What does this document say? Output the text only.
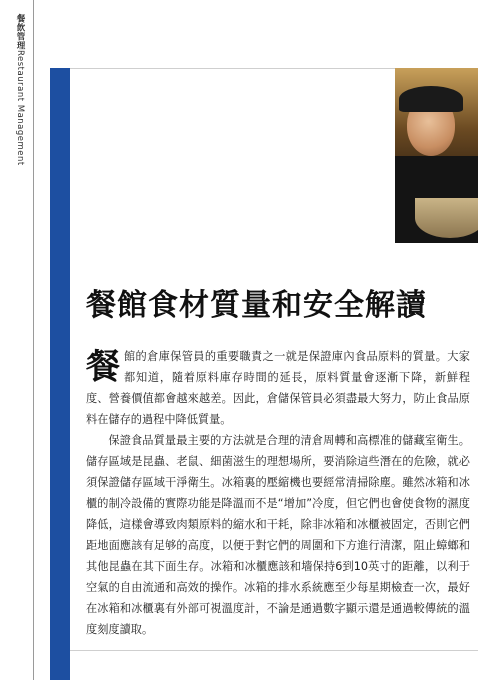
餐飲管理Restaurant Management
餐館食材質量和安全解讀

餐館的倉庫保管員的重要職責之一就是保證庫內食品原料的質量。大家都知道，隨着原料庫存時間的延長，原料質量會逐漸下降，新鮮程度、營養價值都會越來越差。因此，倉儲保管員必須盡最大努力，防止食品原料在儲存的過程中降低質量。

保證食品質量最主要的方法就是合理的清倉周轉和高標准的儲藏室衛生。儲存區域是昆蟲、老鼠、細菌滋生的理想場所，要消除這些潛在的危險，就必須保證儲存區域干淨衛生。冰箱裏的壓縮機也要經常清掃除塵。雖然冰箱和冰櫃的制冷設備的實際功能是降溫而不是“增加”冷度，但它們也會使食物的濕度降低，這樣會導致肉類原料的縮水和干耗，除非冰箱和冰櫃被固定，否則它們距地面應該有足够的高度，以便于對它們的周圍和下方進行清潔，阻止蟑螂和其他昆蟲在其下面生存。冰箱和冰櫃應該和墻保持6到10英寸的距離，以利于空氣的自由流通和高效的操作。冰箱的排水系統應至少每星期檢查一次，最好在冰箱和冰櫃裏有外部可視溫度計，不論是通過數字顯示還是通過較傳統的溫度刻度讀取。
